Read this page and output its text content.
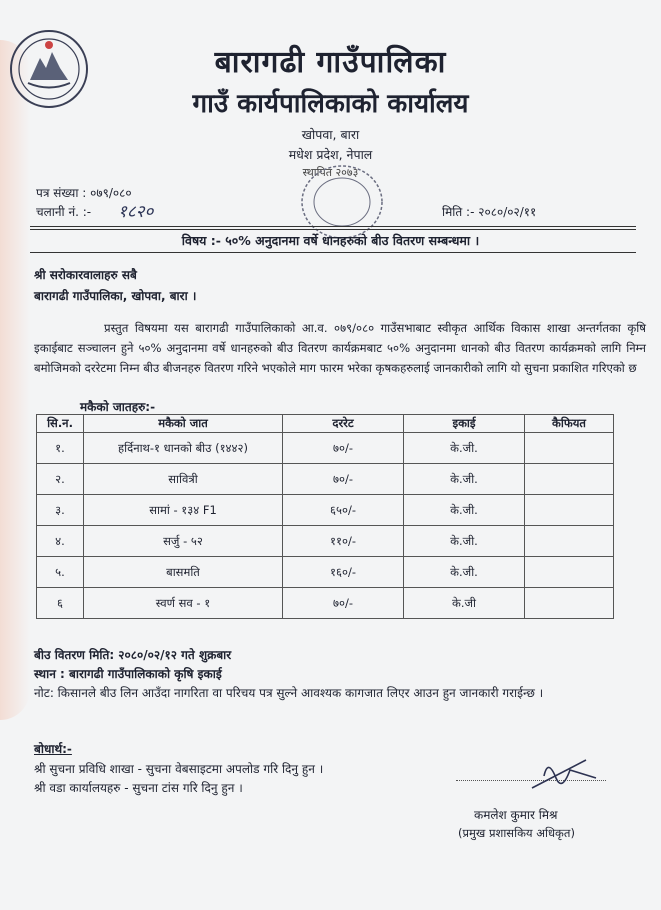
बारागढी गाउँपालिका
गाउँ कार्यपालिकाको कार्यालय
खोपवा, बारा
मधेश प्रदेश, नेपाल
स्थापित २०७३
पत्र संख्या : ०७९/०८०
चलानी नं. :- १८२०	मिति :- २०८०/०२/११
विषय :- ५०% अनुदानमा वर्षे धानहरुको बीउ वितरण सम्बन्धमा ।
श्री सरोकारवालाहरु सबै
बारागढी गाउँपालिका, खोपवा, बारा ।
प्रस्तुत विषयमा यस बारागढी गाउँपालिकाको आ.व. ०७९/०८० गाउँसभाबाट स्वीकृत आर्थिक विकास शाखा अन्तर्गतका कृषि इकाईबाट सञ्चालन हुने ५०% अनुदानमा वर्षे धानहरुको बीउ वितरण कार्यक्रमबाट ५०% अनुदानमा धानको बीउ वितरण कार्यक्रमको लागि निम्न बमोजिमको दररेटमा निम्न बीउ बीजनहरु वितरण गरिने भएकोले माग फारम भरेका कृषकहरुलाई जानकारीको लागि यो सुचना प्रकाशित गरिएको छ
मकैको जातहरु:-
सि.न.	मकैको जात	दररेट	इकाई	कैफियत
१.	हर्दिनाथ-१ धानको बीउ (१४४२)	७०/-	के.जी.	
२.	सावित्री	७०/-	के.जी.	
३.	सामां - १३४ F1	६५०/-	के.जी.	
४.	सर्जु - ५२	११०/-	के.जी.	
५.	बासमति	१६०/-	के.जी.	
६	स्वर्ण सव - १	७०/-	के.जी	
बीउ वितरण मिति: २०८०/०२/१२ गते शुक्रबार
स्थान : बारागढी गाउँपालिकाको कृषि इकाई
नोट: किसानले बीउ लिन आउँदा नागरिता वा परिचय पत्र सुल्ने आवश्यक कागजात लिएर आउन हुन जानकारी गराईन्छ ।
बोधार्थ:-
श्री सुचना प्रविधि शाखा - सुचना वेबसाइटमा अपलोड गरि दिनु हुन ।
श्री वडा कार्यालयहरु - सुचना टांस गरि दिनु हुन ।
कमलेश कुमार मिश्र
(प्रमुख प्रशासकिय अधिकृत)
